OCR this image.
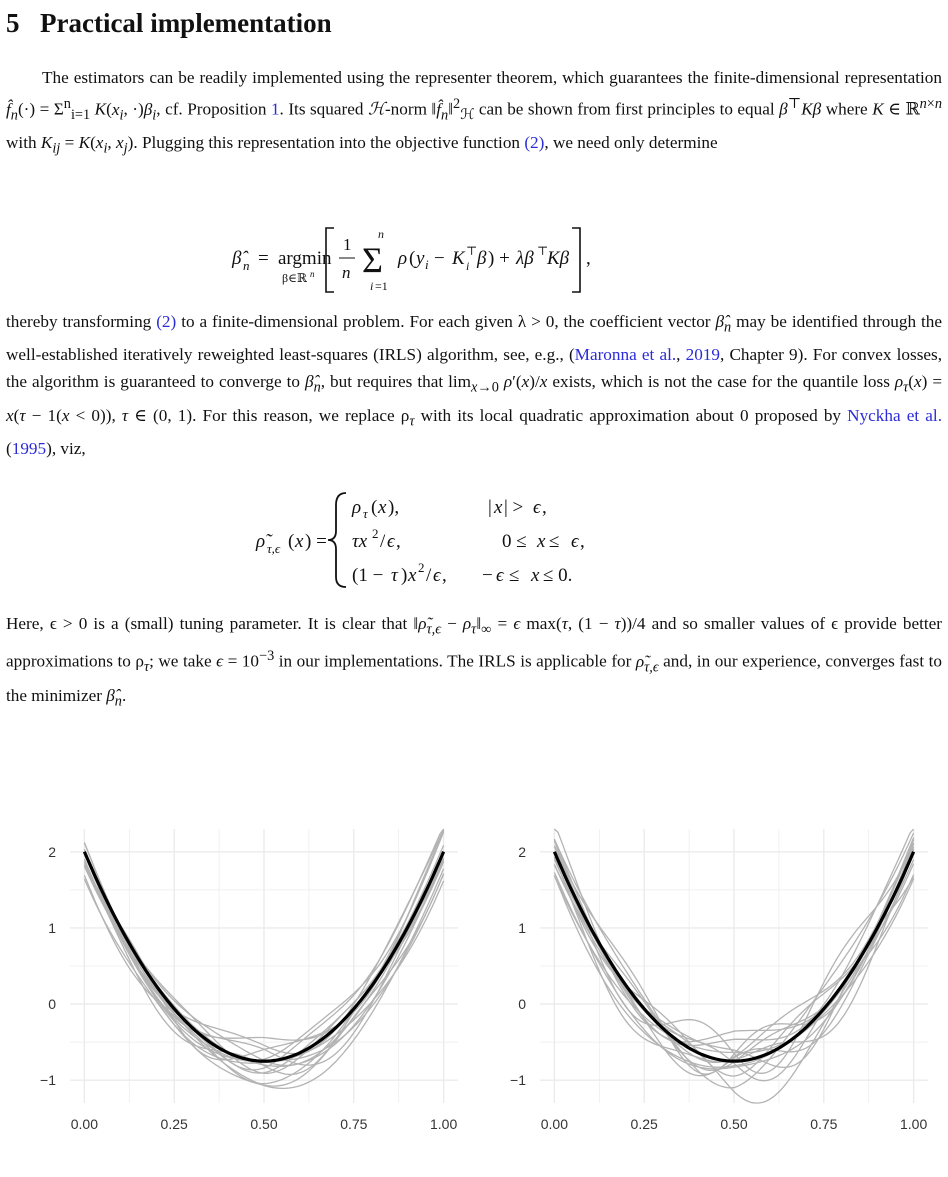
5 Practical implementation

The estimators can be readily implemented using the representer theorem, which guarantees the finite-dimensional representation $f̂_n(\cdot) = \Sigma^n_{i=1}$ $K(x_i$, $\cdot)\beta_i$, cf. Proposition 1. Its squared ℋ-norm $‖f̂_n‖^2_ℋ$ can be shown from first principles to equal β⊤Kβ where K ∈ ℝ$^{n\times n}$ with $K_{ij} = K(x_i$, $x_j$). Plugging this representation into the objective function (2), we need only determine

β̂ n = argmin
β∈ℝ n
1
n
n
Σ
i =1
ρ ( y i − K ⊤
i β ) + λβ ⊤
Kβ ,

thereby transforming (2) to a finite-dimensional problem. For each given λ > 0, the coefficient vector $\betâ_n$ may be identified through the well-established iteratively reweighted least-squares (IRLS) algorithm, see, e.g., (Maronna et al., 2019, Chapter 9). For convex losses, the algorithm is guaranteed to converge to $\betâ_n$, but requires that $\lim_{x\to 0} \rho'(x)/x$ exists, which is not the case for the quantile loss $\rho_\tau(x) = x(\tau - 1(x < 0))$, τ ∈ (0, 1). For this reason, we replace $\rho_\tau$ with its local quadratic approximation about 0 proposed by Nyckha et al. (1995), viz,

ρ̃ τ,ϵ ( x ) =
ρ τ ( x ),	| x | > ϵ ,
τx 2 / ϵ ,	0 ≤ x ≤ ϵ ,
(1 − τ ) x 2 / ϵ , − ϵ ≤ x ≤ 0.

Here, ϵ > 0 is a (small) tuning parameter. It is clear that $‖\rhõ_{\tau,\epsilon}$ − $\rho_\tau‖_\infty = \epsilon$ max(τ, (1 − τ))/4 and so smaller values of ϵ provide better approximations to $\rho_\tau$; we take $\epsilon = 10^{-3}$ in our implementations. The IRLS is applicable for $\rhõ_{\tau,\epsilon}$ and, in our experience, converges fast to the minimizer $\betâ_n$.

2
1
0
−1
0.00	0.25	0.50	0.75	1.00
2
1
0
−1
0.00	0.25	0.50	0.75	1.00
